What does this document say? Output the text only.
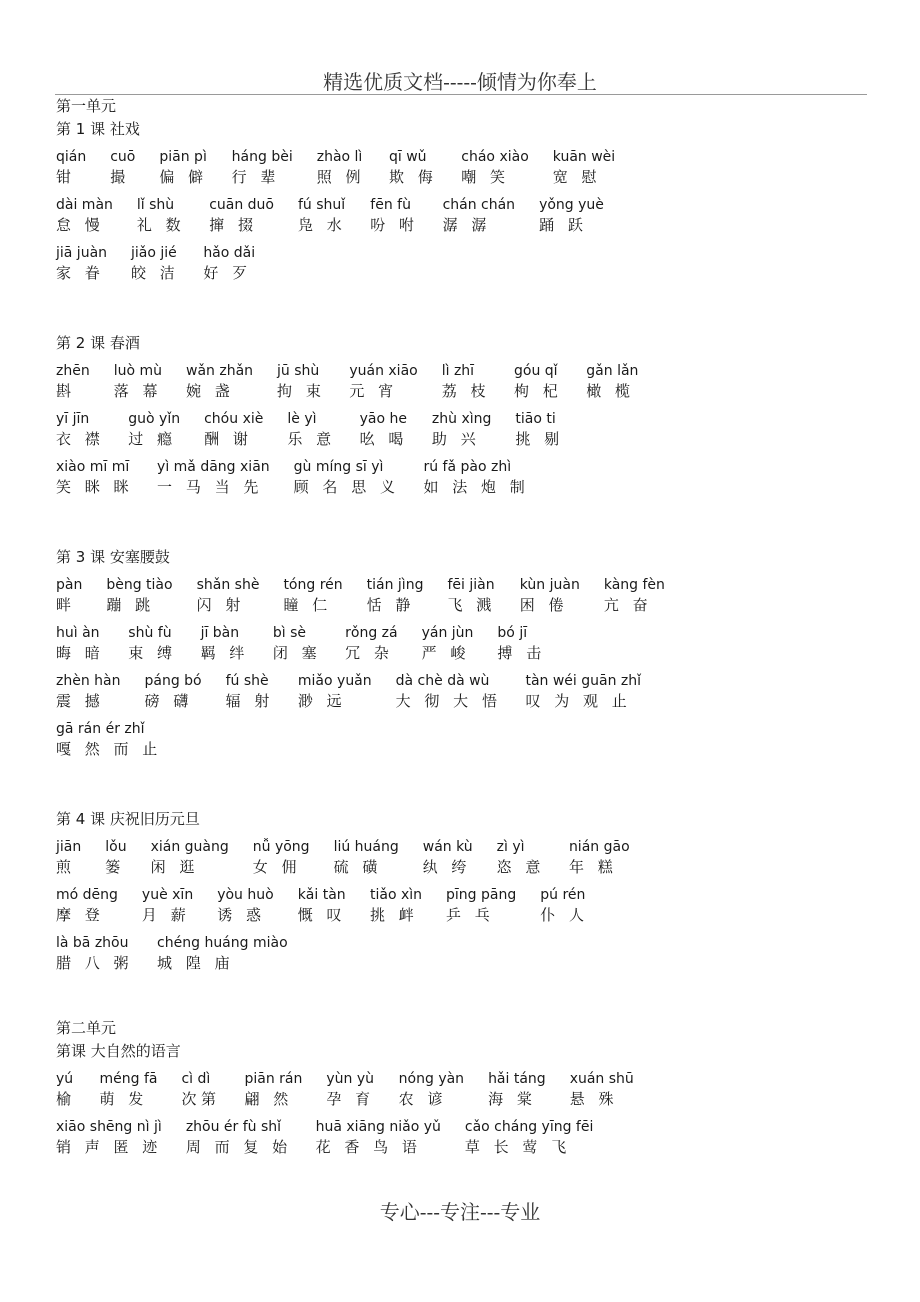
精选优质文档-----倾情为你奉上
第一单元
第 1 课 社戏
qián
钳
cuō
撮
piān pì
偏 僻
háng bèi
行 辈
zhào lì
照 例
qī wǔ
欺 侮
cháo xiào
嘲 笑
kuān wèi
宽 慰
dài màn
怠 慢
lǐ shù
礼 数
cuān duō
撺 掇
fú shuǐ
凫 水
fēn fù
吩 咐
chán chán
潺 潺
yǒng yuè
踊 跃
jiā juàn
家 眷
jiǎo jié
皎 洁
hǎo dǎi
好 歹
第 2 课 春酒
zhēn
斟
luò mù
落 幕
wǎn zhǎn
婉 盏
jū shù
拘 束
yuán xiāo
元 宵
lì zhī
荔 枝
góu qǐ
枸 杞
gǎn lǎn
橄 榄
yī jīn
衣 襟
guò yǐn
过 瘾
chóu xiè
酬 谢
lè yì
乐 意
yāo he
吆 喝
zhù xìng
助 兴
tiāo ti
挑 剔
xiào mī mī
笑 眯 眯
yì mǎ dāng xiān
一 马 当 先
gù míng sī yì
顾 名 思 义
rú fǎ pào zhì
如 法 炮 制
第 3 课 安塞腰鼓
pàn
畔
bèng tiào
蹦 跳
shǎn shè
闪 射
tóng rén
瞳 仁
tián jìng
恬 静
fēi jiàn
飞 溅
kùn juàn
困 倦
kàng fèn
亢 奋
huì àn
晦 暗
shù fù
束 缚
jī bàn
羁 绊
bì sè
闭 塞
rǒng zá
冗 杂
yán jùn
严 峻
bó jī
搏 击
zhèn hàn
震 撼
páng bó
磅 礴
fú shè
辐 射
miǎo yuǎn
渺 远
dà chè dà wù
大 彻 大 悟
tàn wéi guān zhǐ
叹 为 观 止
gā rán ér zhǐ
嘎 然 而 止
第 4 课 庆祝旧历元旦
jiān
煎
lǒu
篓
xián guàng
闲 逛
nǚ yōng
女 佣
liú huáng
硫 磺
wán kù
纨 绔
zì yì
恣 意
nián gāo
年 糕
mó dēng
摩 登
yuè xīn
月 薪
yòu huò
诱 惑
kǎi tàn
慨 叹
tiǎo xìn
挑 衅
pīng pāng
乒 乓
pú rén
仆 人
là bā zhōu
腊 八 粥
chéng huáng miào
城 隍 庙
第二单元
第课 大自然的语言
yú
榆
méng fā
萌 发
cì dì
次第
piān rán
翩 然
yùn yù
孕 育
nóng yàn
农 谚
hǎi táng
海 棠
xuán shū
悬 殊
xiāo shēng nì jì
销 声 匿 迹
zhōu ér fù shǐ
周 而 复 始
huā xiāng niǎo yǔ
花 香 鸟 语
cǎo cháng yīng fēi
草 长 莺 飞
专心---专注---专业
